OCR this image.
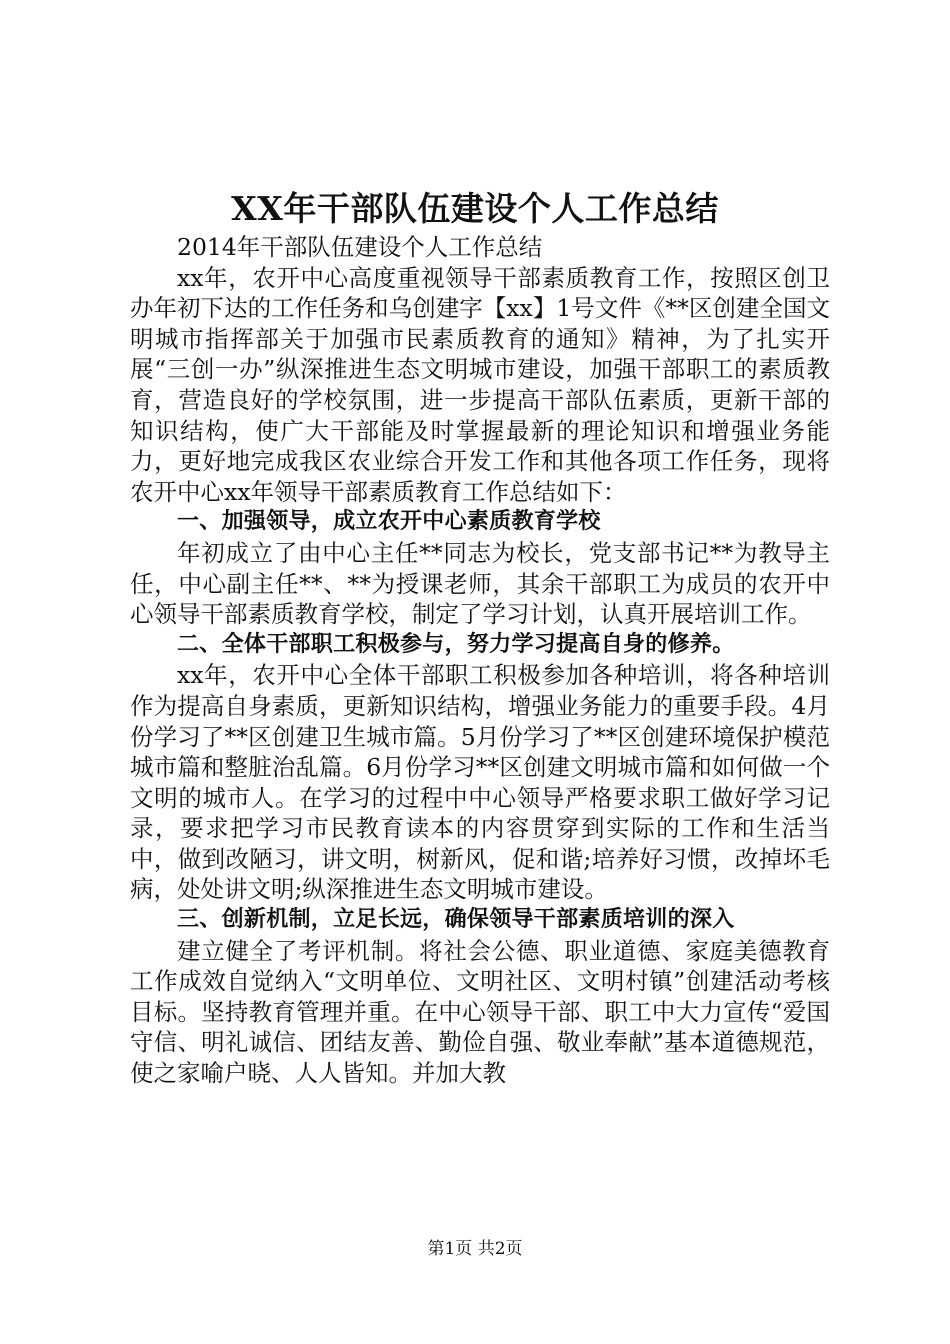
XX年干部队伍建设个人工作总结

2014年干部队伍建设个人工作总结

xx年，农开中心高度重视领导干部素质教育工作，按照区创卫办年初下达的工作任务和乌创建字【xx】1号文件《**区创建全国文明城市指挥部关于加强市民素质教育的通知》精神，为了扎实开展“三创一办”纵深推进生态文明城市建设，加强干部职工的素质教育，营造良好的学校氛围，进一步提高干部队伍素质，更新干部的知识结构，使广大干部能及时掌握最新的理论知识和增强业务能力，更好地完成我区农业综合开发工作和其他各项工作任务，现将农开中心xx年领导干部素质教育工作总结如下：

一、加强领导，成立农开中心素质教育学校

年初成立了由中心主任**同志为校长，党支部书记**为教导主任，中心副主任**、**为授课老师，其余干部职工为成员的农开中心领导干部素质教育学校，制定了学习计划，认真开展培训工作。

二、全体干部职工积极参与，努力学习提高自身的修养。

xx年，农开中心全体干部职工积极参加各种培训，将各种培训作为提高自身素质，更新知识结构，增强业务能力的重要手段。4月份学习了**区创建卫生城市篇。5月份学习了**区创建环境保护模范城市篇和整脏治乱篇。6月份学习**区创建文明城市篇和如何做一个文明的城市人。在学习的过程中中心领导严格要求职工做好学习记录，要求把学习市民教育读本的内容贯穿到实际的工作和生活当中，做到改陋习，讲文明，树新风，促和谐;培养好习惯，改掉坏毛病，处处讲文明;纵深推进生态文明城市建设。

三、创新机制，立足长远，确保领导干部素质培训的深入

建立健全了考评机制。将社会公德、职业道德、家庭美德教育工作成效自觉纳入“文明单位、文明社区、文明村镇”创建活动考核目标。坚持教育管理并重。在中心领导干部、职工中大力宣传“爱国守信、明礼诚信、团结友善、勤俭自强、敬业奉献”基本道德规范，使之家喻户晓、人人皆知。并加大教

第1页 共2页
